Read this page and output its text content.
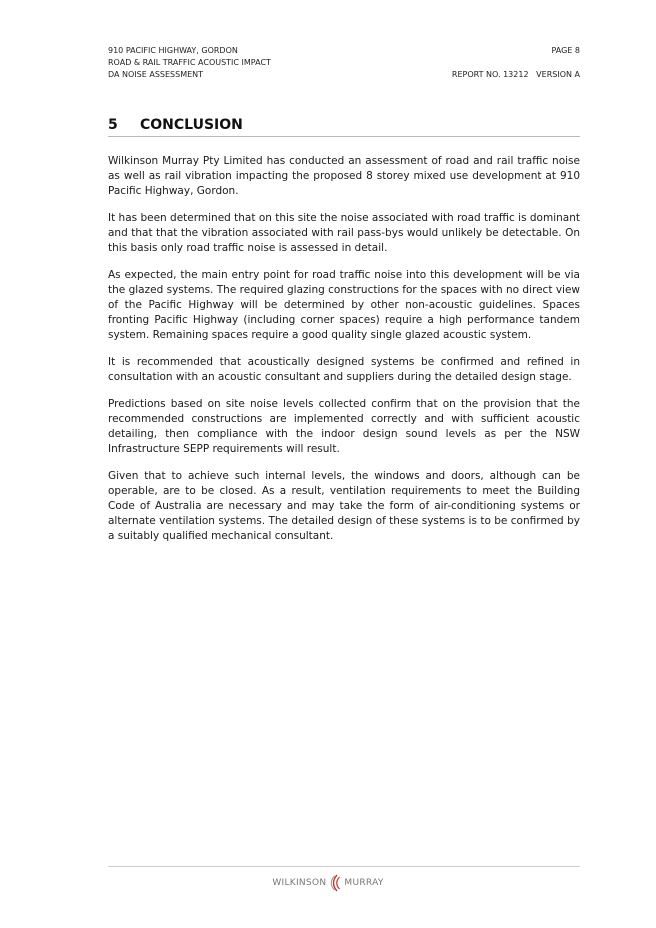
910 PACIFIC HIGHWAY, GORDON	PAGE 8
ROAD & RAIL TRAFFIC ACOUSTIC IMPACT
DA NOISE ASSESSMENT	REPORT NO. 13212   VERSION A
5	CONCLUSION

Wilkinson Murray Pty Limited has conducted an assessment of road and rail traffic noise as well as rail vibration impacting the proposed 8 storey mixed use development at 910 Pacific Highway, Gordon.

It has been determined that on this site the noise associated with road traffic is dominant and that that the vibration associated with rail pass-bys would unlikely be detectable. On this basis only road traffic noise is assessed in detail.

As expected, the main entry point for road traffic noise into this development will be via the glazed systems. The required glazing constructions for the spaces with no direct view of the Pacific Highway will be determined by other non-acoustic guidelines. Spaces fronting Pacific Highway (including corner spaces) require a high performance tandem system. Remaining spaces require a good quality single glazed acoustic system.

It is recommended that acoustically designed systems be confirmed and refined in consultation with an acoustic consultant and suppliers during the detailed design stage.

Predictions based on site noise levels collected confirm that on the provision that the recommended constructions are implemented correctly and with sufficient acoustic detailing, then compliance with the indoor design sound levels as per the NSW Infrastructure SEPP requirements will result.

Given that to achieve such internal levels, the windows and doors, although can be operable, are to be closed. As a result, ventilation requirements to meet the Building Code of Australia are necessary and may take the form of air-conditioning systems or alternate ventilation systems. The detailed design of these systems is to be confirmed by a suitably qualified mechanical consultant.

WILKINSON MURRAY
